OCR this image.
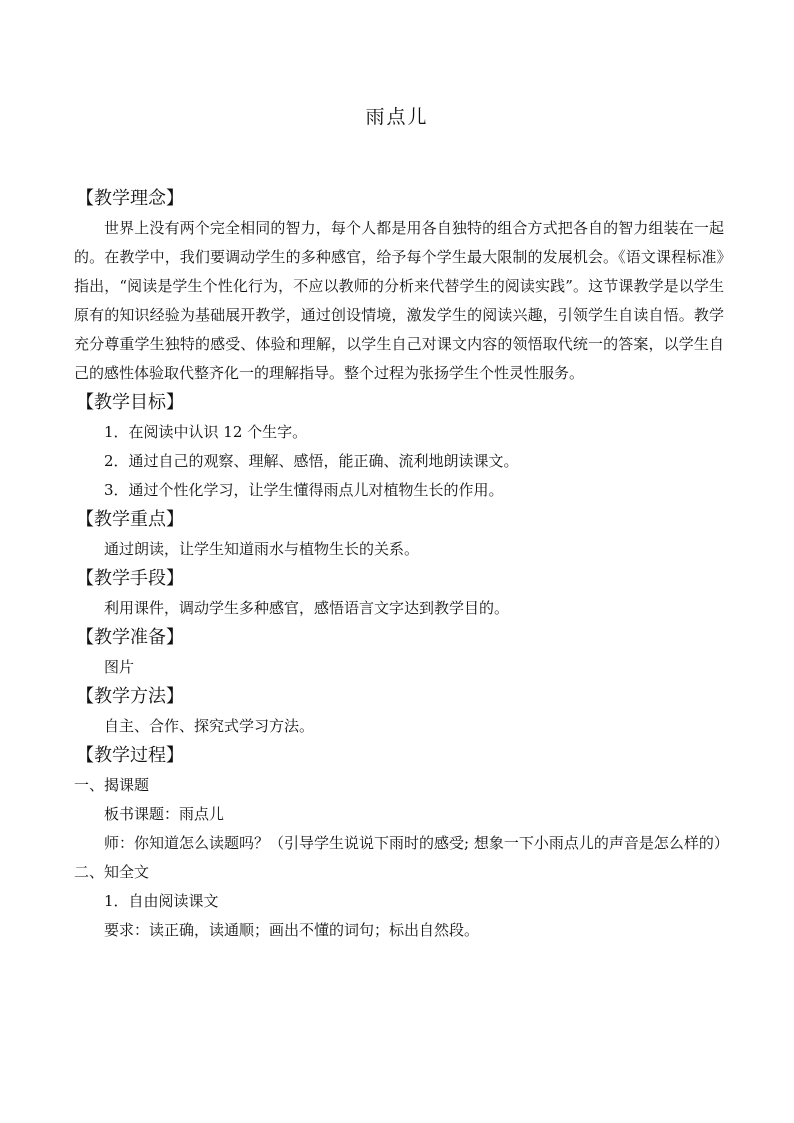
雨点儿
【教学理念】
世界上没有两个完全相同的智力，每个人都是用各自独特的组合方式把各自的智力组装在一起的。在教学中，我们要调动学生的多种感官，给予每个学生最大限制的发展机会。《语文课程标准》指出，“阅读是学生个性化行为，不应以教师的分析来代替学生的阅读实践”。这节课教学是以学生原有的知识经验为基础展开教学，通过创设情境，激发学生的阅读兴趣，引领学生自读自悟。教学充分尊重学生独特的感受、体验和理解，以学生自己对课文内容的领悟取代统一的答案，以学生自己的感性体验取代整齐化一的理解指导。整个过程为张扬学生个性灵性服务。
【教学目标】
1．在阅读中认识 12 个生字。
2．通过自己的观察、理解、感悟，能正确、流利地朗读课文。
3．通过个性化学习，让学生懂得雨点儿对植物生长的作用。
【教学重点】
通过朗读，让学生知道雨水与植物生长的关系。
【教学手段】
利用课件，调动学生多种感官，感悟语言文字达到教学目的。
【教学准备】
图片
【教学方法】
自主、合作、探究式学习方法。
【教学过程】
一、揭课题
板书课题：雨点儿
师：你知道怎么读题吗？（引导学生说说下雨时的感受; 想象一下小雨点儿的声音是怎么样的）
二、知全文
1．自由阅读课文
要求：读正确，读通顺；画出不懂的词句；标出自然段。
